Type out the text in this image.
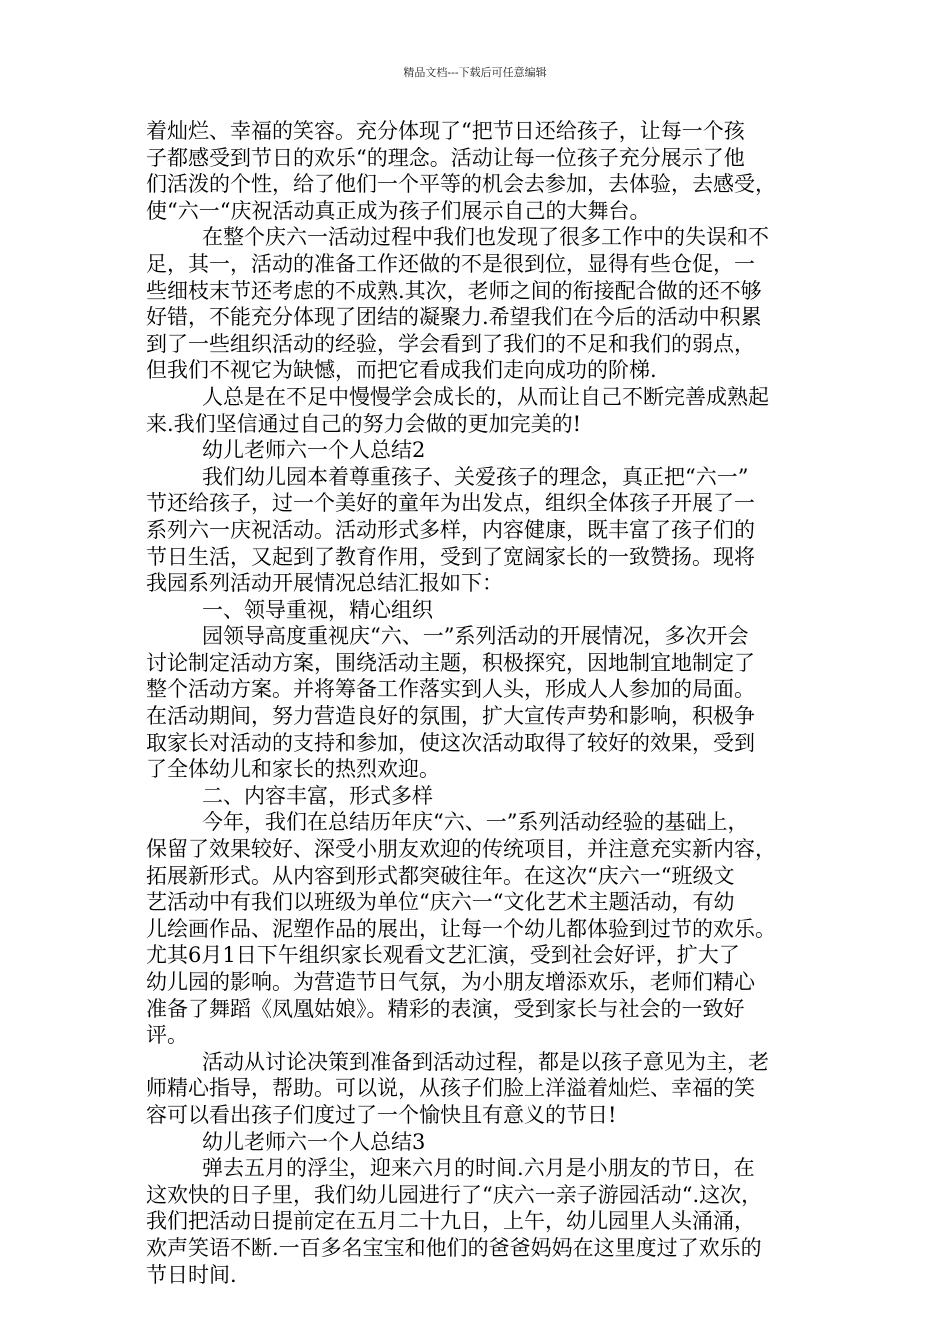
精品文档---下载后可任意编辑
着灿烂、幸福的笑容。充分体现了“把节日还给孩子，让每一个孩
子都感受到节日的欢乐“的理念。活动让每一位孩子充分展示了他
们活泼的个性，给了他们一个平等的机会去参加，去体验，去感受，
使“六一“庆祝活动真正成为孩子们展示自己的大舞台。
在整个庆六一活动过程中我们也发现了很多工作中的失误和不
足，其一，活动的准备工作还做的不是很到位，显得有些仓促，一
些细枝末节还考虑的不成熟.其次，老师之间的衔接配合做的还不够
好错，不能充分体现了团结的凝聚力.希望我们在今后的活动中积累
到了一些组织活动的经验，学会看到了我们的不足和我们的弱点，
但我们不视它为缺憾，而把它看成我们走向成功的阶梯.
人总是在不足中慢慢学会成长的，从而让自己不断完善成熟起
来.我们坚信通过自己的努力会做的更加完美的!
幼儿老师六一个人总结2
我们幼儿园本着尊重孩子、关爱孩子的理念，真正把“六一”
节还给孩子，过一个美好的童年为出发点，组织全体孩子开展了一
系列六一庆祝活动。活动形式多样，内容健康，既丰富了孩子们的
节日生活，又起到了教育作用，受到了宽阔家长的一致赞扬。现将
我园系列活动开展情况总结汇报如下：
一、领导重视，精心组织
园领导高度重视庆“六、一”系列活动的开展情况，多次开会
讨论制定活动方案，围绕活动主题，积极探究，因地制宜地制定了
整个活动方案。并将筹备工作落实到人头，形成人人参加的局面。
在活动期间，努力营造良好的氛围，扩大宣传声势和影响，积极争
取家长对活动的支持和参加，使这次活动取得了较好的效果，受到
了全体幼儿和家长的热烈欢迎。
二、内容丰富，形式多样
今年，我们在总结历年庆“六、一”系列活动经验的基础上，
保留了效果较好、深受小朋友欢迎的传统项目，并注意充实新内容，
拓展新形式。从内容到形式都突破往年。在这次“庆六一“班级文
艺活动中有我们以班级为单位“庆六一“文化艺术主题活动，有幼
儿绘画作品、泥塑作品的展出，让每一个幼儿都体验到过节的欢乐。
尤其6月1日下午组织家长观看文艺汇演，受到社会好评，扩大了
幼儿园的影响。为营造节日气氛，为小朋友增添欢乐，老师们精心
准备了舞蹈《凤凰姑娘》。精彩的表演，受到家长与社会的一致好
评。
活动从讨论决策到准备到活动过程，都是以孩子意见为主，老
师精心指导，帮助。可以说，从孩子们脸上洋溢着灿烂、幸福的笑
容可以看出孩子们度过了一个愉快且有意义的节日!
幼儿老师六一个人总结3
弹去五月的浮尘，迎来六月的时间.六月是小朋友的节日，在
这欢快的日子里，我们幼儿园进行了“庆六一亲子游园活动“.这次，
我们把活动日提前定在五月二十九日，上午，幼儿园里人头涌涌，
欢声笑语不断.一百多名宝宝和他们的爸爸妈妈在这里度过了欢乐的
节日时间.
